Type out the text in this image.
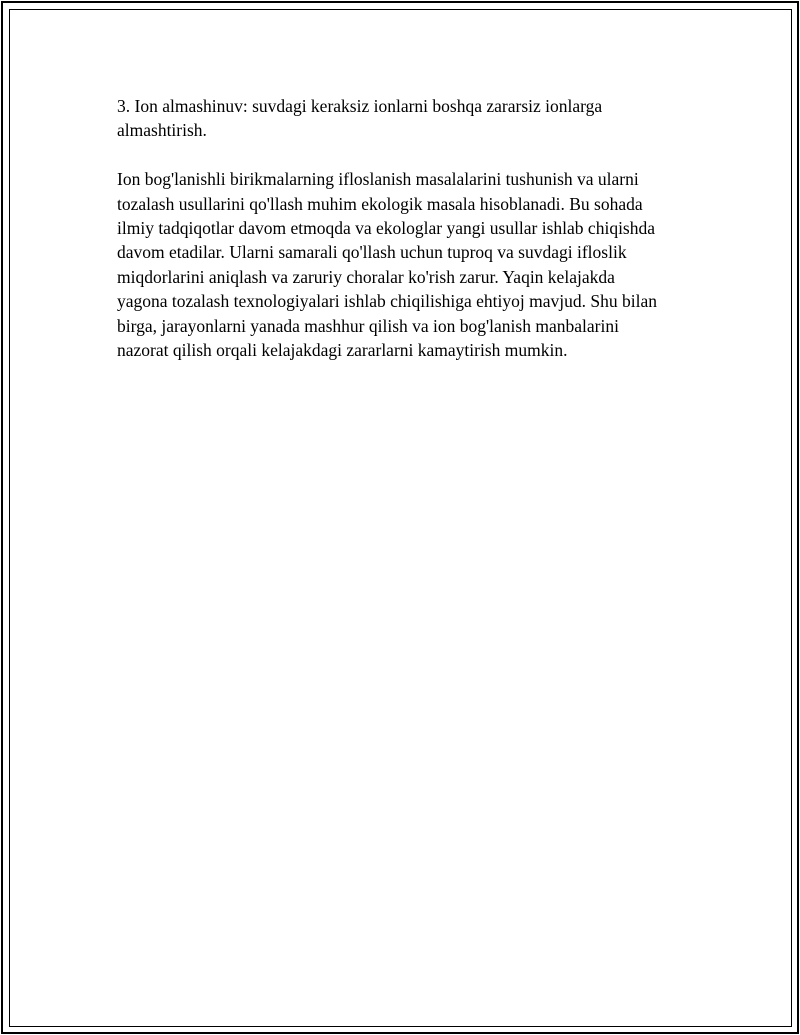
3. Ion almashinuv: suvdagi keraksiz ionlarni boshqa zararsiz ionlarga almashtirish.

Ion bog'lanishli birikmalarning ifloslanish masalalarini tushunish va ularni
tozalash usullarini qo'llash muhim ekologik masala hisoblanadi. Bu sohada
ilmiy tadqiqotlar davom etmoqda va ekologlar yangi usullar ishlab chiqishda
davom etadilar. Ularni samarali qo'llash uchun tuproq va suvdagi ifloslik
miqdorlarini aniqlash va zaruriy choralar ko'rish zarur. Yaqin kelajakda
yagona tozalash texnologiyalari ishlab chiqilishiga ehtiyoj mavjud. Shu bilan
birga, jarayonlarni yanada mashhur qilish va ion bog'lanish manbalarini
nazorat qilish orqali kelajakdagi zararlarni kamaytirish mumkin.
